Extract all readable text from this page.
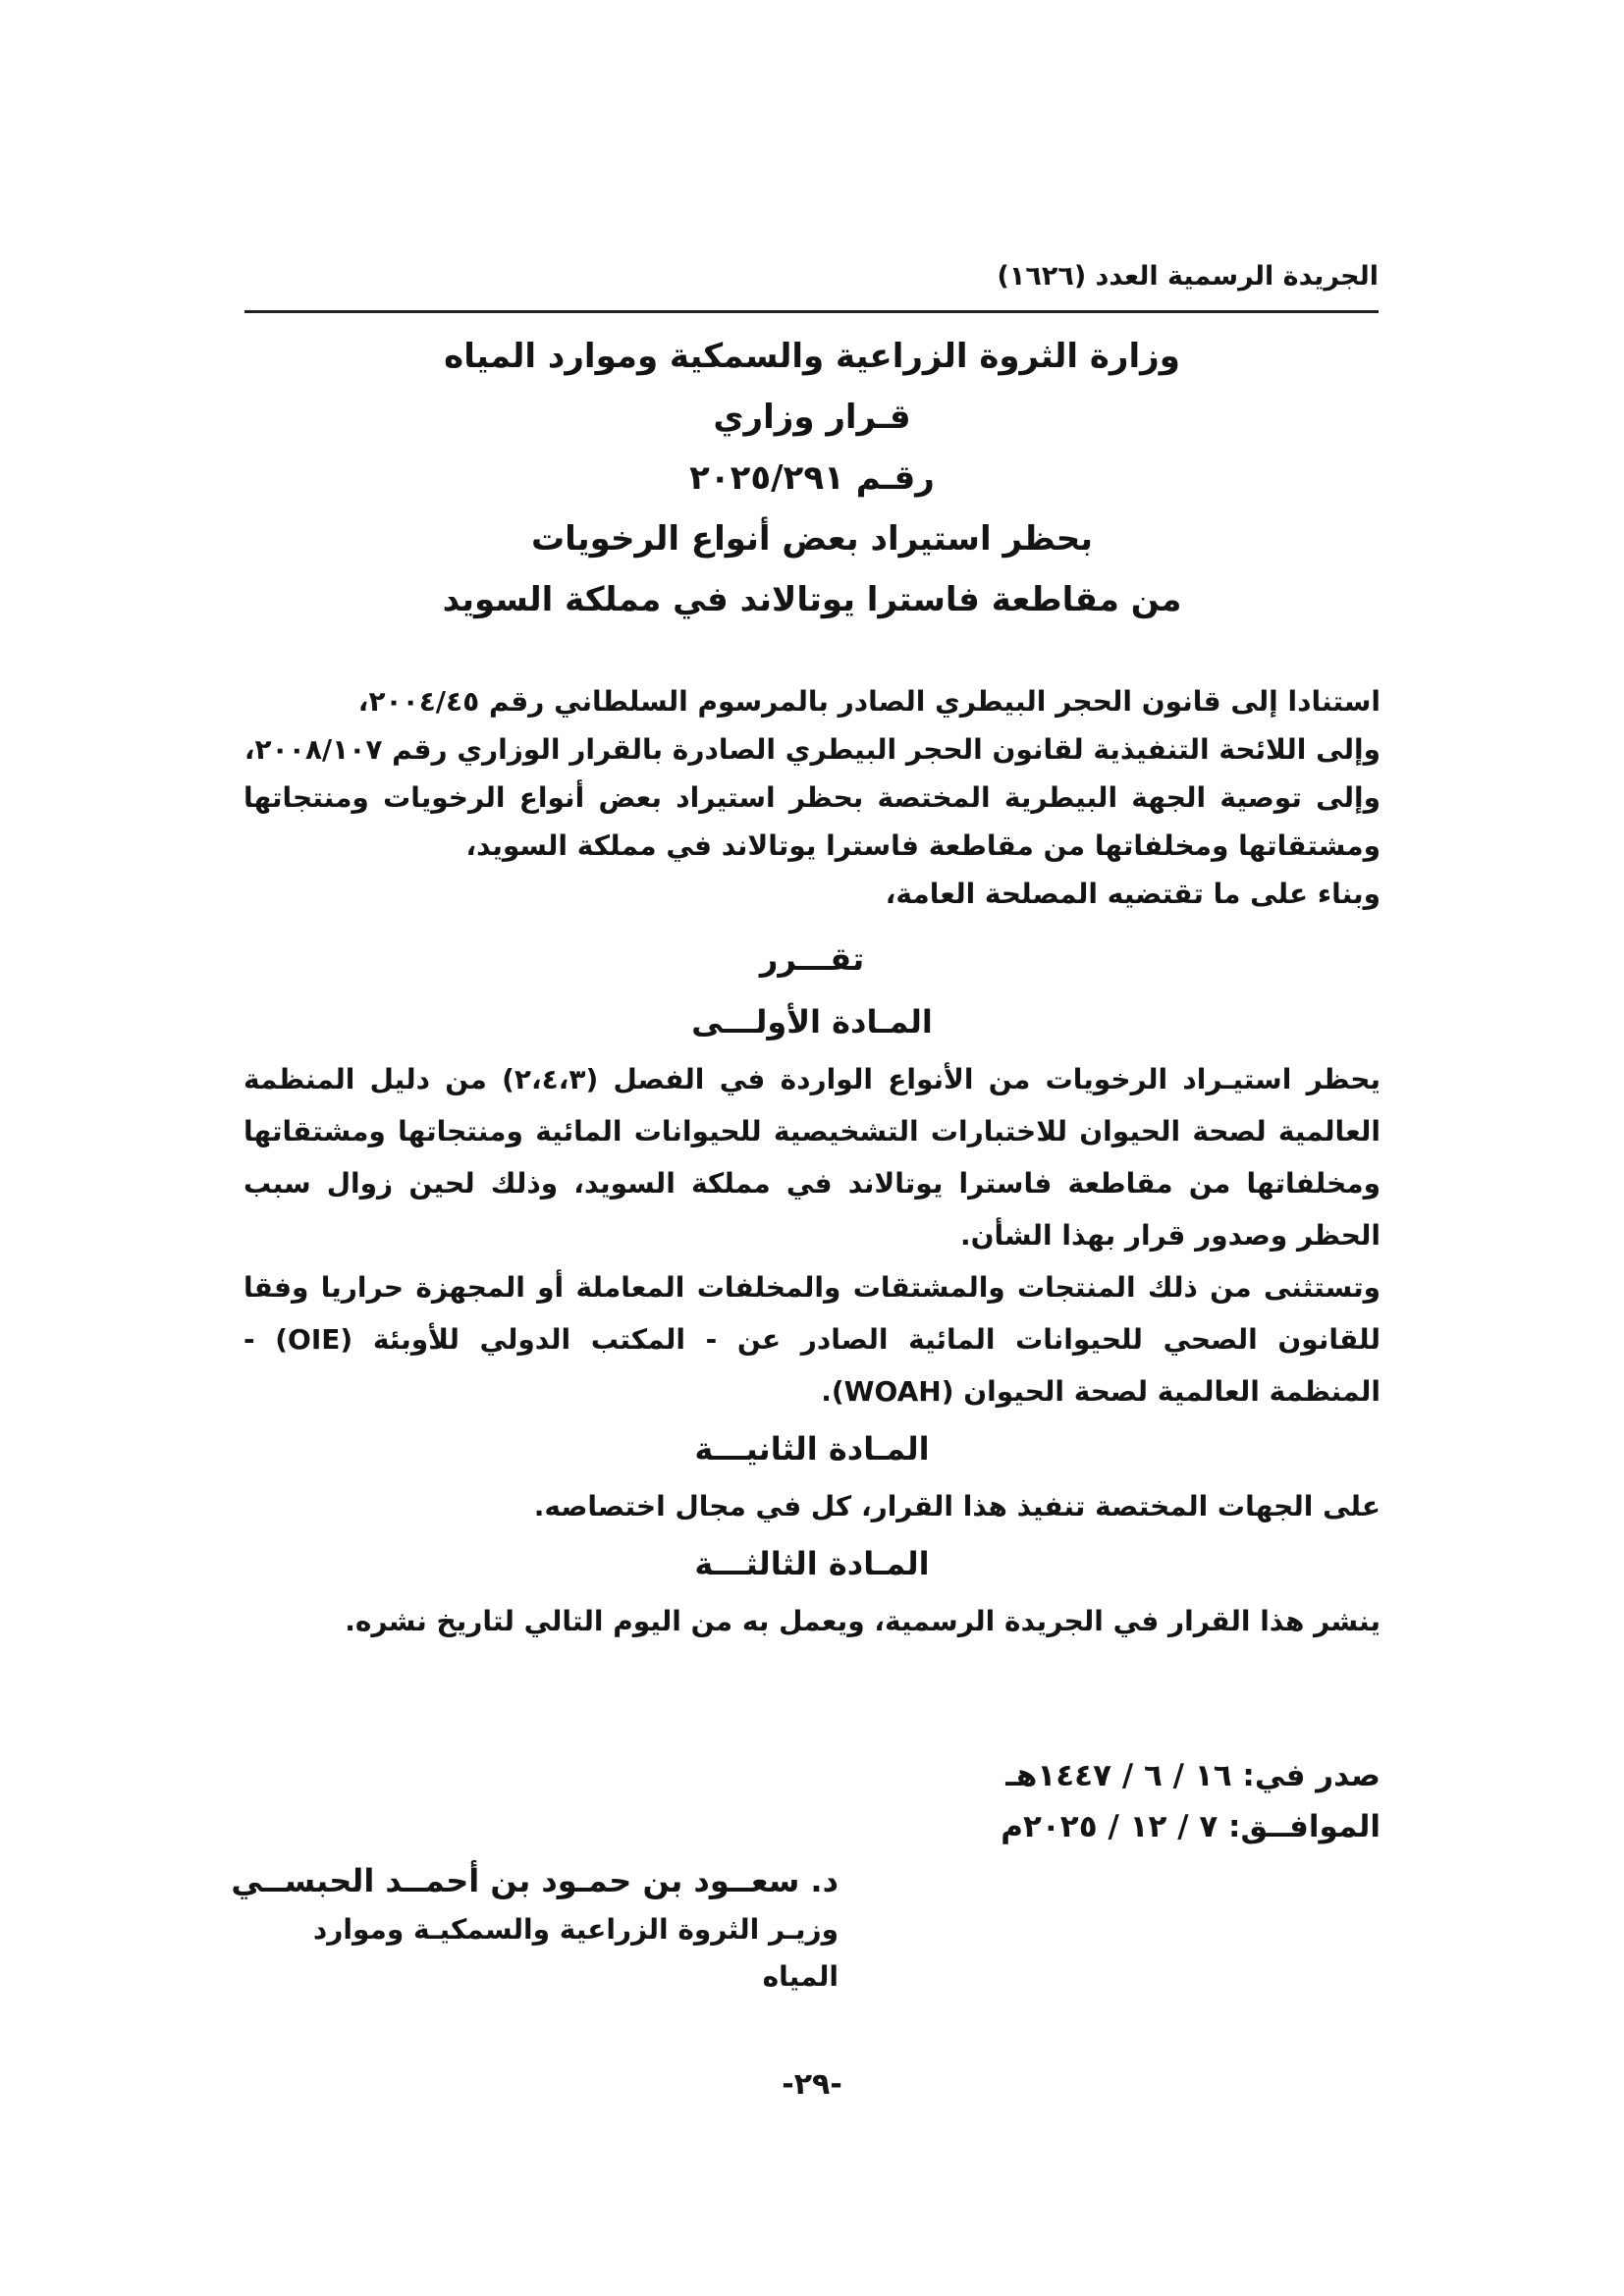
الجريدة الرسمية العدد (١٦٢٦)

وزارة الثروة الزراعية والسمكية وموارد المياه

قـرار وزاري

رقـم ٢٠٢٥/٢٩١

بحظر استيراد بعض أنواع الرخويات

من مقاطعة فاسترا يوتالاند في مملكة السويد

استنادا إلى قانون الحجر البيطري الصادر بالمرسوم السلطاني رقم ٢٠٠٤/٤٥،

وإلى اللائحة التنفيذية لقانون الحجر البيطري الصادرة بالقرار الوزاري رقم ٢٠٠٨/١٠٧،

وإلى توصية الجهة البيطرية المختصة بحظر استيراد بعض أنواع الرخويات ومنتجاتها ومشتقاتها ومخلفاتها من مقاطعة فاسترا يوتالاند في مملكة السويد،

وبناء على ما تقتضيه المصلحة العامة،

تقـــرر

المـادة الأولـــى

يحظر استيـراد الرخويات من الأنواع الواردة في الفصل (٢،٤،٣) من دليل المنظمة العالمية لصحة الحيوان للاختبارات التشخيصية للحيوانات المائية ومنتجاتها ومشتقاتها ومخلفاتها من مقاطعة فاسترا يوتالاند في مملكة السويد، وذلك لحين زوال سبب الحظر وصدور قرار بهذا الشأن.

وتستثنى من ذلك المنتجات والمشتقات والمخلفات المعاملة أو المجهزة حراريا وفقا للقانون الصحي للحيوانات المائية الصادر عن - المكتب الدولي للأوبئة (OIE) - المنظمة العالمية لصحة الحيوان (WOAH).

المـادة الثانيـــة

على الجهات المختصة تنفيذ هذا القرار، كل في مجال اختصاصه.

المـادة الثالثـــة

ينشر هذا القرار في الجريدة الرسمية، ويعمل به من اليوم التالي لتاريخ نشره.

صدر في: ١٦ / ٦ / ١٤٤٧هـ
الموافــق: ٧ / ١٢ / ٢٠٢٥م

د. سعــود بن حمـود بن أحمــد الحبســي

وزيـر الثروة الزراعية والسمكيـة وموارد المياه

-٢٩-
